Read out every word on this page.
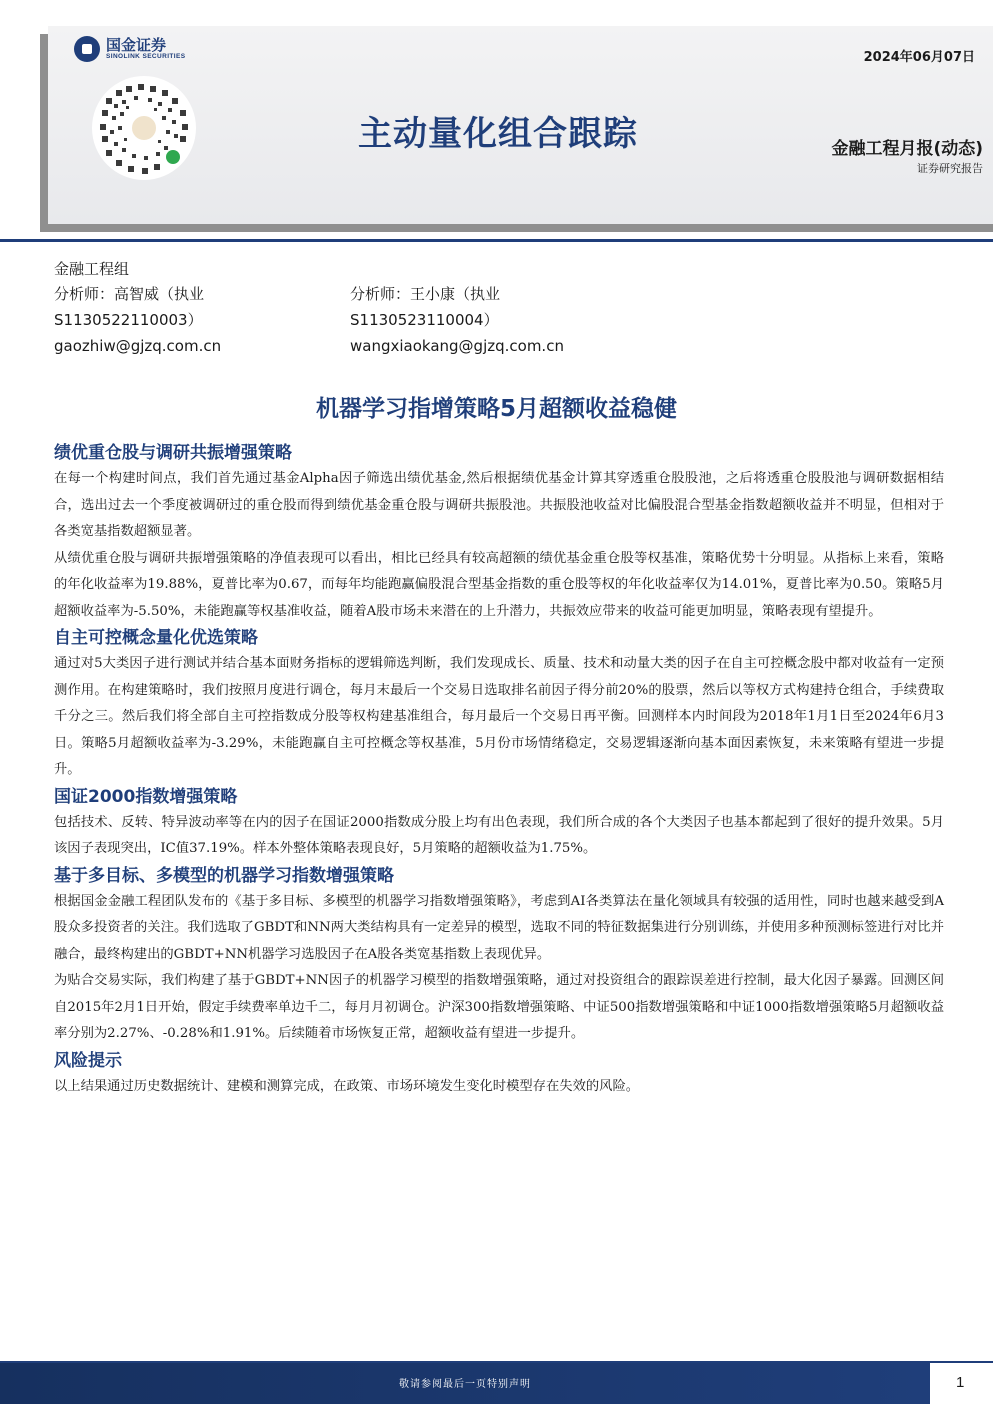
国金证券
SINOLINK SECURITIES
主动量化组合跟踪
2024年06月07日
金融工程月报(动态)
证券研究报告
金融工程组
分析师：高智威（执业
S1130522110003）
gaozhiw@gjzq.com.cn
分析师：王小康（执业
S1130523110004）
wangxiaokang@gjzq.com.cn
机器学习指增策略5月超额收益稳健
绩优重仓股与调研共振增强策略

在每一个构建时间点，我们首先通过基金Alpha因子筛选出绩优基金,然后根据绩优基金计算其穿透重仓股股池，之后将透重仓股股池与调研数据相结合，选出过去一个季度被调研过的重仓股而得到绩优基金重仓股与调研共振股池。共振股池收益对比偏股混合型基金指数超额收益并不明显，但相对于各类宽基指数超额显著。

从绩优重仓股与调研共振增强策略的净值表现可以看出，相比已经具有较高超额的绩优基金重仓股等权基准，策略优势十分明显。从指标上来看，策略的年化收益率为19.88%，夏普比率为0.67，而每年均能跑赢偏股混合型基金指数的重仓股等权的年化收益率仅为14.01%，夏普比率为0.50。策略5月超额收益率为-5.50%，未能跑赢等权基准收益，随着A股市场未来潜在的上升潜力，共振效应带来的收益可能更加明显，策略表现有望提升。

自主可控概念量化优选策略

通过对5大类因子进行测试并结合基本面财务指标的逻辑筛选判断，我们发现成长、质量、技术和动量大类的因子在自主可控概念股中都对收益有一定预测作用。在构建策略时，我们按照月度进行调仓，每月末最后一个交易日选取排名前因子得分前20%的股票，然后以等权方式构建持仓组合，手续费取千分之三。然后我们将全部自主可控指数成分股等权构建基准组合，每月最后一个交易日再平衡。回测样本内时间段为2018年1月1日至2024年6月3日。策略5月超额收益率为-3.29%，未能跑赢自主可控概念等权基准，5月份市场情绪稳定，交易逻辑逐渐向基本面因素恢复，未来策略有望进一步提升。

国证2000指数增强策略

包括技术、反转、特异波动率等在内的因子在国证2000指数成分股上均有出色表现，我们所合成的各个大类因子也基本都起到了很好的提升效果。5月该因子表现突出，IC值37.19%。样本外整体策略表现良好，5月策略的超额收益为1.75%。

基于多目标、多模型的机器学习指数增强策略

根据国金金融工程团队发布的《基于多目标、多模型的机器学习指数增强策略》，考虑到AI各类算法在量化领域具有较强的适用性，同时也越来越受到A股众多投资者的关注。我们选取了GBDT和NN两大类结构具有一定差异的模型，选取不同的特征数据集进行分别训练，并使用多种预测标签进行对比并融合，最终构建出的GBDT+NN机器学习选股因子在A股各类宽基指数上表现优异。

为贴合交易实际，我们构建了基于GBDT+NN因子的机器学习模型的指数增强策略，通过对投资组合的跟踪误差进行控制，最大化因子暴露。回测区间自2015年2月1日开始，假定手续费率单边千二，每月月初调仓。沪深300指数增强策略、中证500指数增强策略和中证1000指数增强策略5月超额收益率分别为2.27%、-0.28%和1.91%。后续随着市场恢复正常，超额收益有望进一步提升。

风险提示

以上结果通过历史数据统计、建模和测算完成，在政策、市场环境发生变化时模型存在失效的风险。

敬请参阅最后一页特别声明	1
